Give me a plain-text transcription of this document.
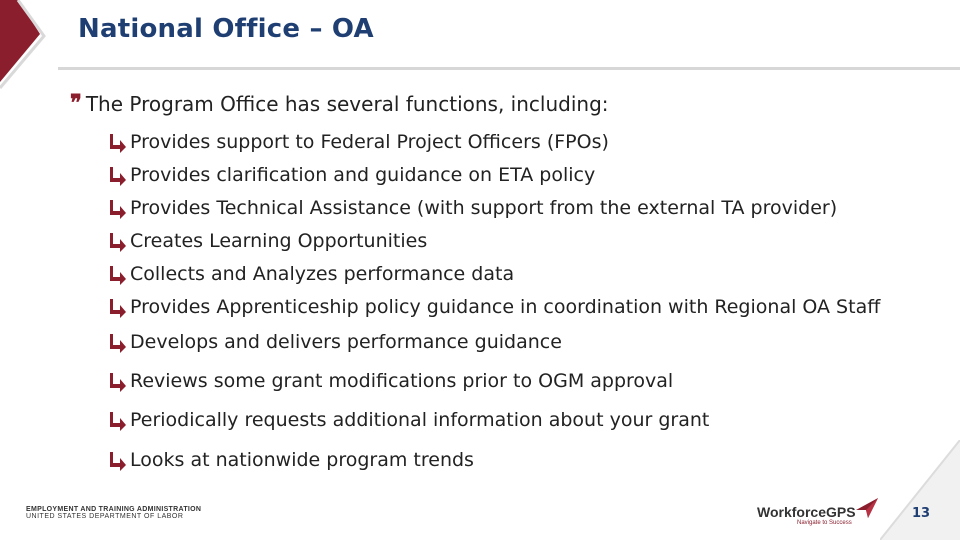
National Office – OA
❞ The Program Office has several functions, including:
Provides support to Federal Project Officers (FPOs)
Provides clarification and guidance on ETA policy
Provides Technical Assistance (with support from the external TA provider)
Creates Learning Opportunities
Collects and Analyzes performance data
Provides Apprenticeship policy guidance in coordination with Regional OA Staff
Develops and delivers performance guidance
Reviews some grant modifications prior to OGM approval
Periodically requests additional information about your grant
Looks at nationwide program trends
EMPLOYMENT AND TRAINING ADMINISTRATION
UNITED STATES DEPARTMENT OF LABOR	WorkforceGPS
Navigate to Success
13
